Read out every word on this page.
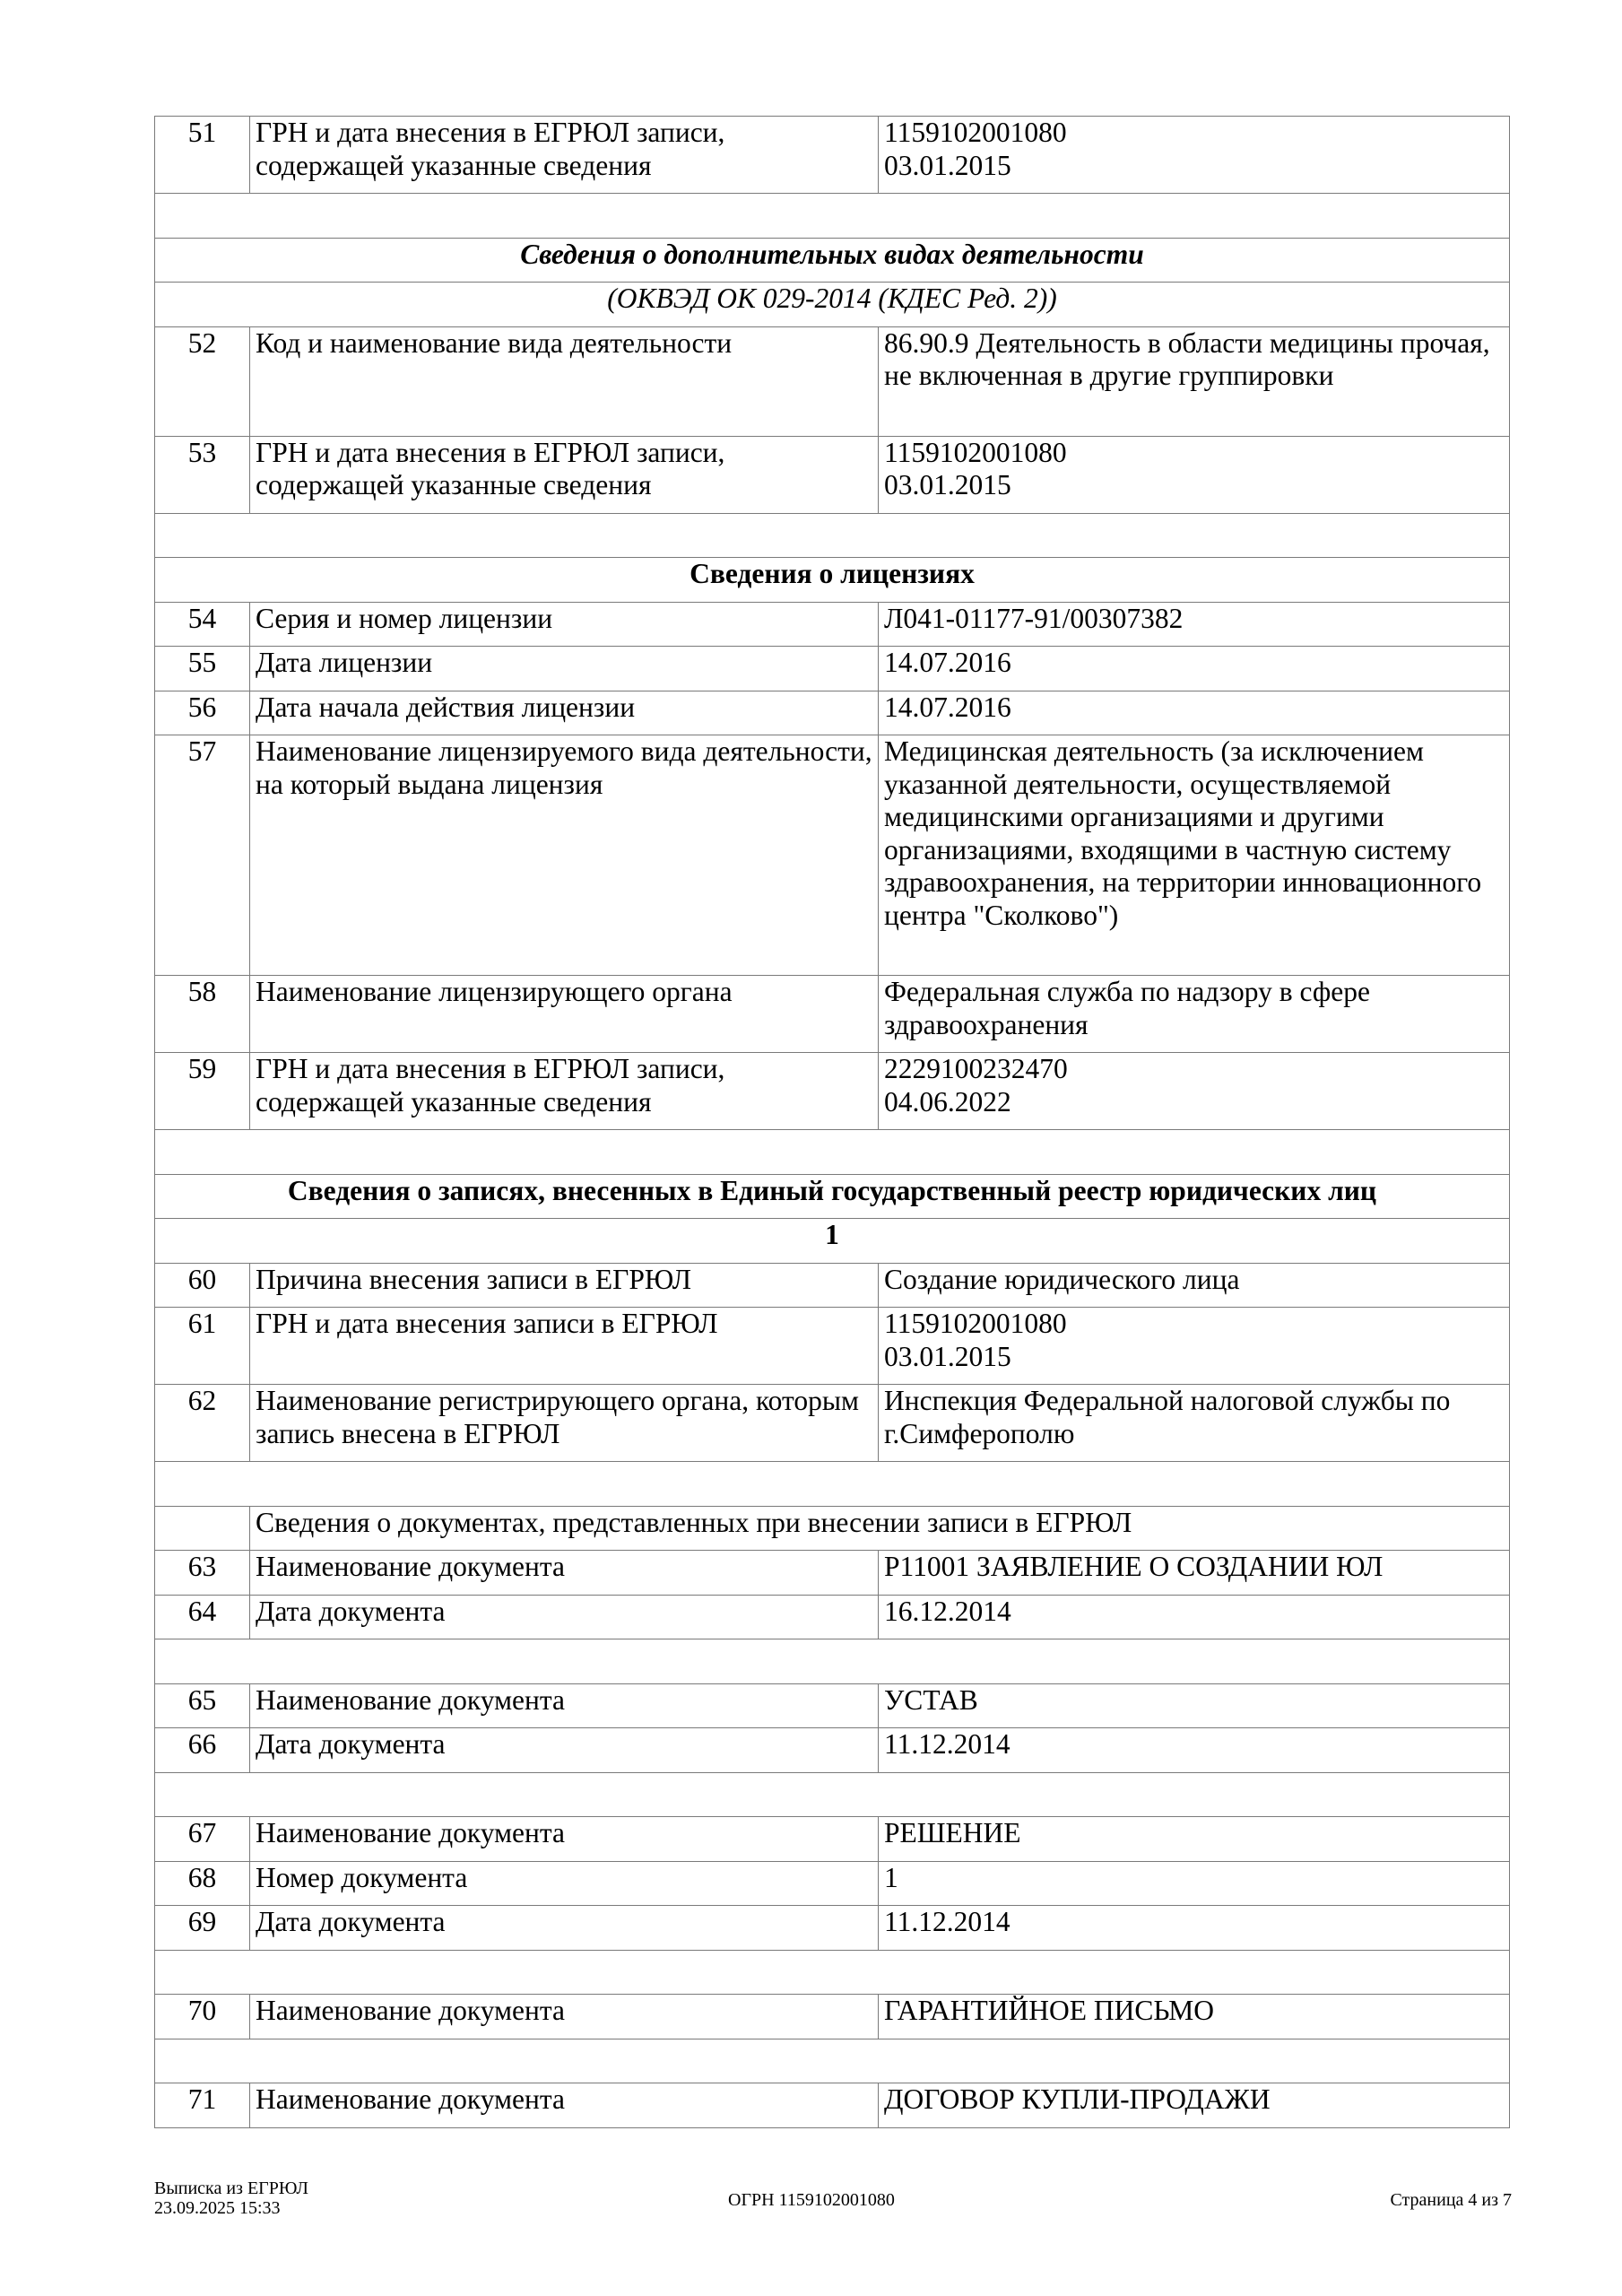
51	ГРН и дата внесения в ЕГРЮЛ записи, содержащей указанные сведения	1159102001080
03.01.2015

Сведения о дополнительных видах деятельности		
(ОКВЭД ОК 029-2014 (КДЕС Ред. 2))		
52	Код и наименование вида деятельности	86.90.9 Деятельность в области медицины прочая, не включенная в другие группировки
53	ГРН и дата внесения в ЕГРЮЛ записи, содержащей указанные сведения	1159102001080
03.01.2015

Сведения о лицензиях		
54	Серия и номер лицензии	Л041-01177-91/00307382
55	Дата лицензии	14.07.2016
56	Дата начала действия лицензии	14.07.2016
57	Наименование лицензируемого вида деятельности, на который выдана лицензия	Медицинская деятельность (за исключением указанной деятельности, осуществляемой медицинскими организациями и другими организациями, входящими в частную систему здравоохранения, на территории инновационного центра "Сколково")
58	Наименование лицензирующего органа	Федеральная служба по надзору в сфере здравоохранения
59	ГРН и дата внесения в ЕГРЮЛ записи, содержащей указанные сведения	2229100232470
04.06.2022

Сведения о записях, внесенных в Единый государственный реестр юридических лиц		
1		
60	Причина внесения записи в ЕГРЮЛ	Создание юридического лица
61	ГРН и дата внесения записи в ЕГРЮЛ	1159102001080
03.01.2015

62	Наименование регистрирующего органа, которым запись внесена в ЕГРЮЛ	Инспекция Федеральной налоговой службы по г.Симферополю

	Сведения о документах, представленных при внесении записи в ЕГРЮЛ	
63	Наименование документа	Р11001 ЗАЯВЛЕНИЕ О СОЗДАНИИ ЮЛ
64	Дата документа	16.12.2014

65	Наименование документа	УСТАВ
66	Дата документа	11.12.2014

67	Наименование документа	РЕШЕНИЕ
68	Номер документа	1
69	Дата документа	11.12.2014

70	Наименование документа	ГАРАНТИЙНОЕ ПИСЬМО

71	Наименование документа	ДОГОВОР КУПЛИ-ПРОДАЖИ
Выписка из ЕГРЮЛ
23.09.2025 15:33	ОГРН 1159102001080	Страница 4 из 7
